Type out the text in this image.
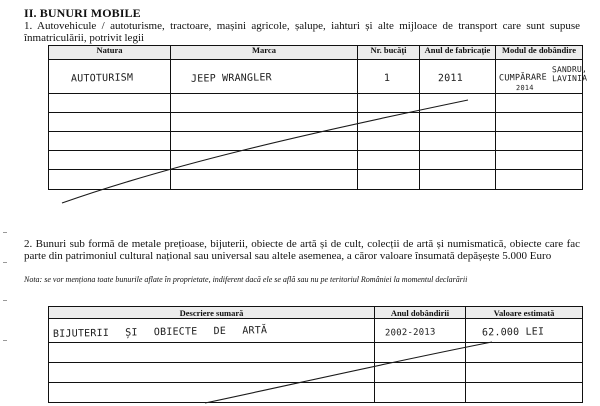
II. BUNURI MOBILE
1. Autovehicule / autoturisme, tractoare, mașini agricole, șalupe, iahturi și alte mijloace de transport care sunt supuse înmatriculării, potrivit legii
Natura	Marca	Nr. bucăți	Anul de fabricație	Modul de dobândire
AUTOTURISM	JEEP WRANGLER	1	2011	CUMPĂRARE
2014
SANDRU, LAVINIA

2. Bunuri sub formă de metale prețioase, bijuterii, obiecte de artă și de cult, colecții de artă și numismatică, obiecte care fac parte din patrimoniul cultural național sau universal sau altele asemenea, a căror valoare însumată depășește 5.000 Euro
Nota: se vor menționa toate bunurile aflate în proprietate, indiferent dacă ele se află sau nu pe teritoriul României la momentul declarării
Descriere sumară	Anul dobândirii	Valoare estimată
BIJUTERII ȘI OBIECTE DE ARTĂ	2002-2013	62.000 LEI
